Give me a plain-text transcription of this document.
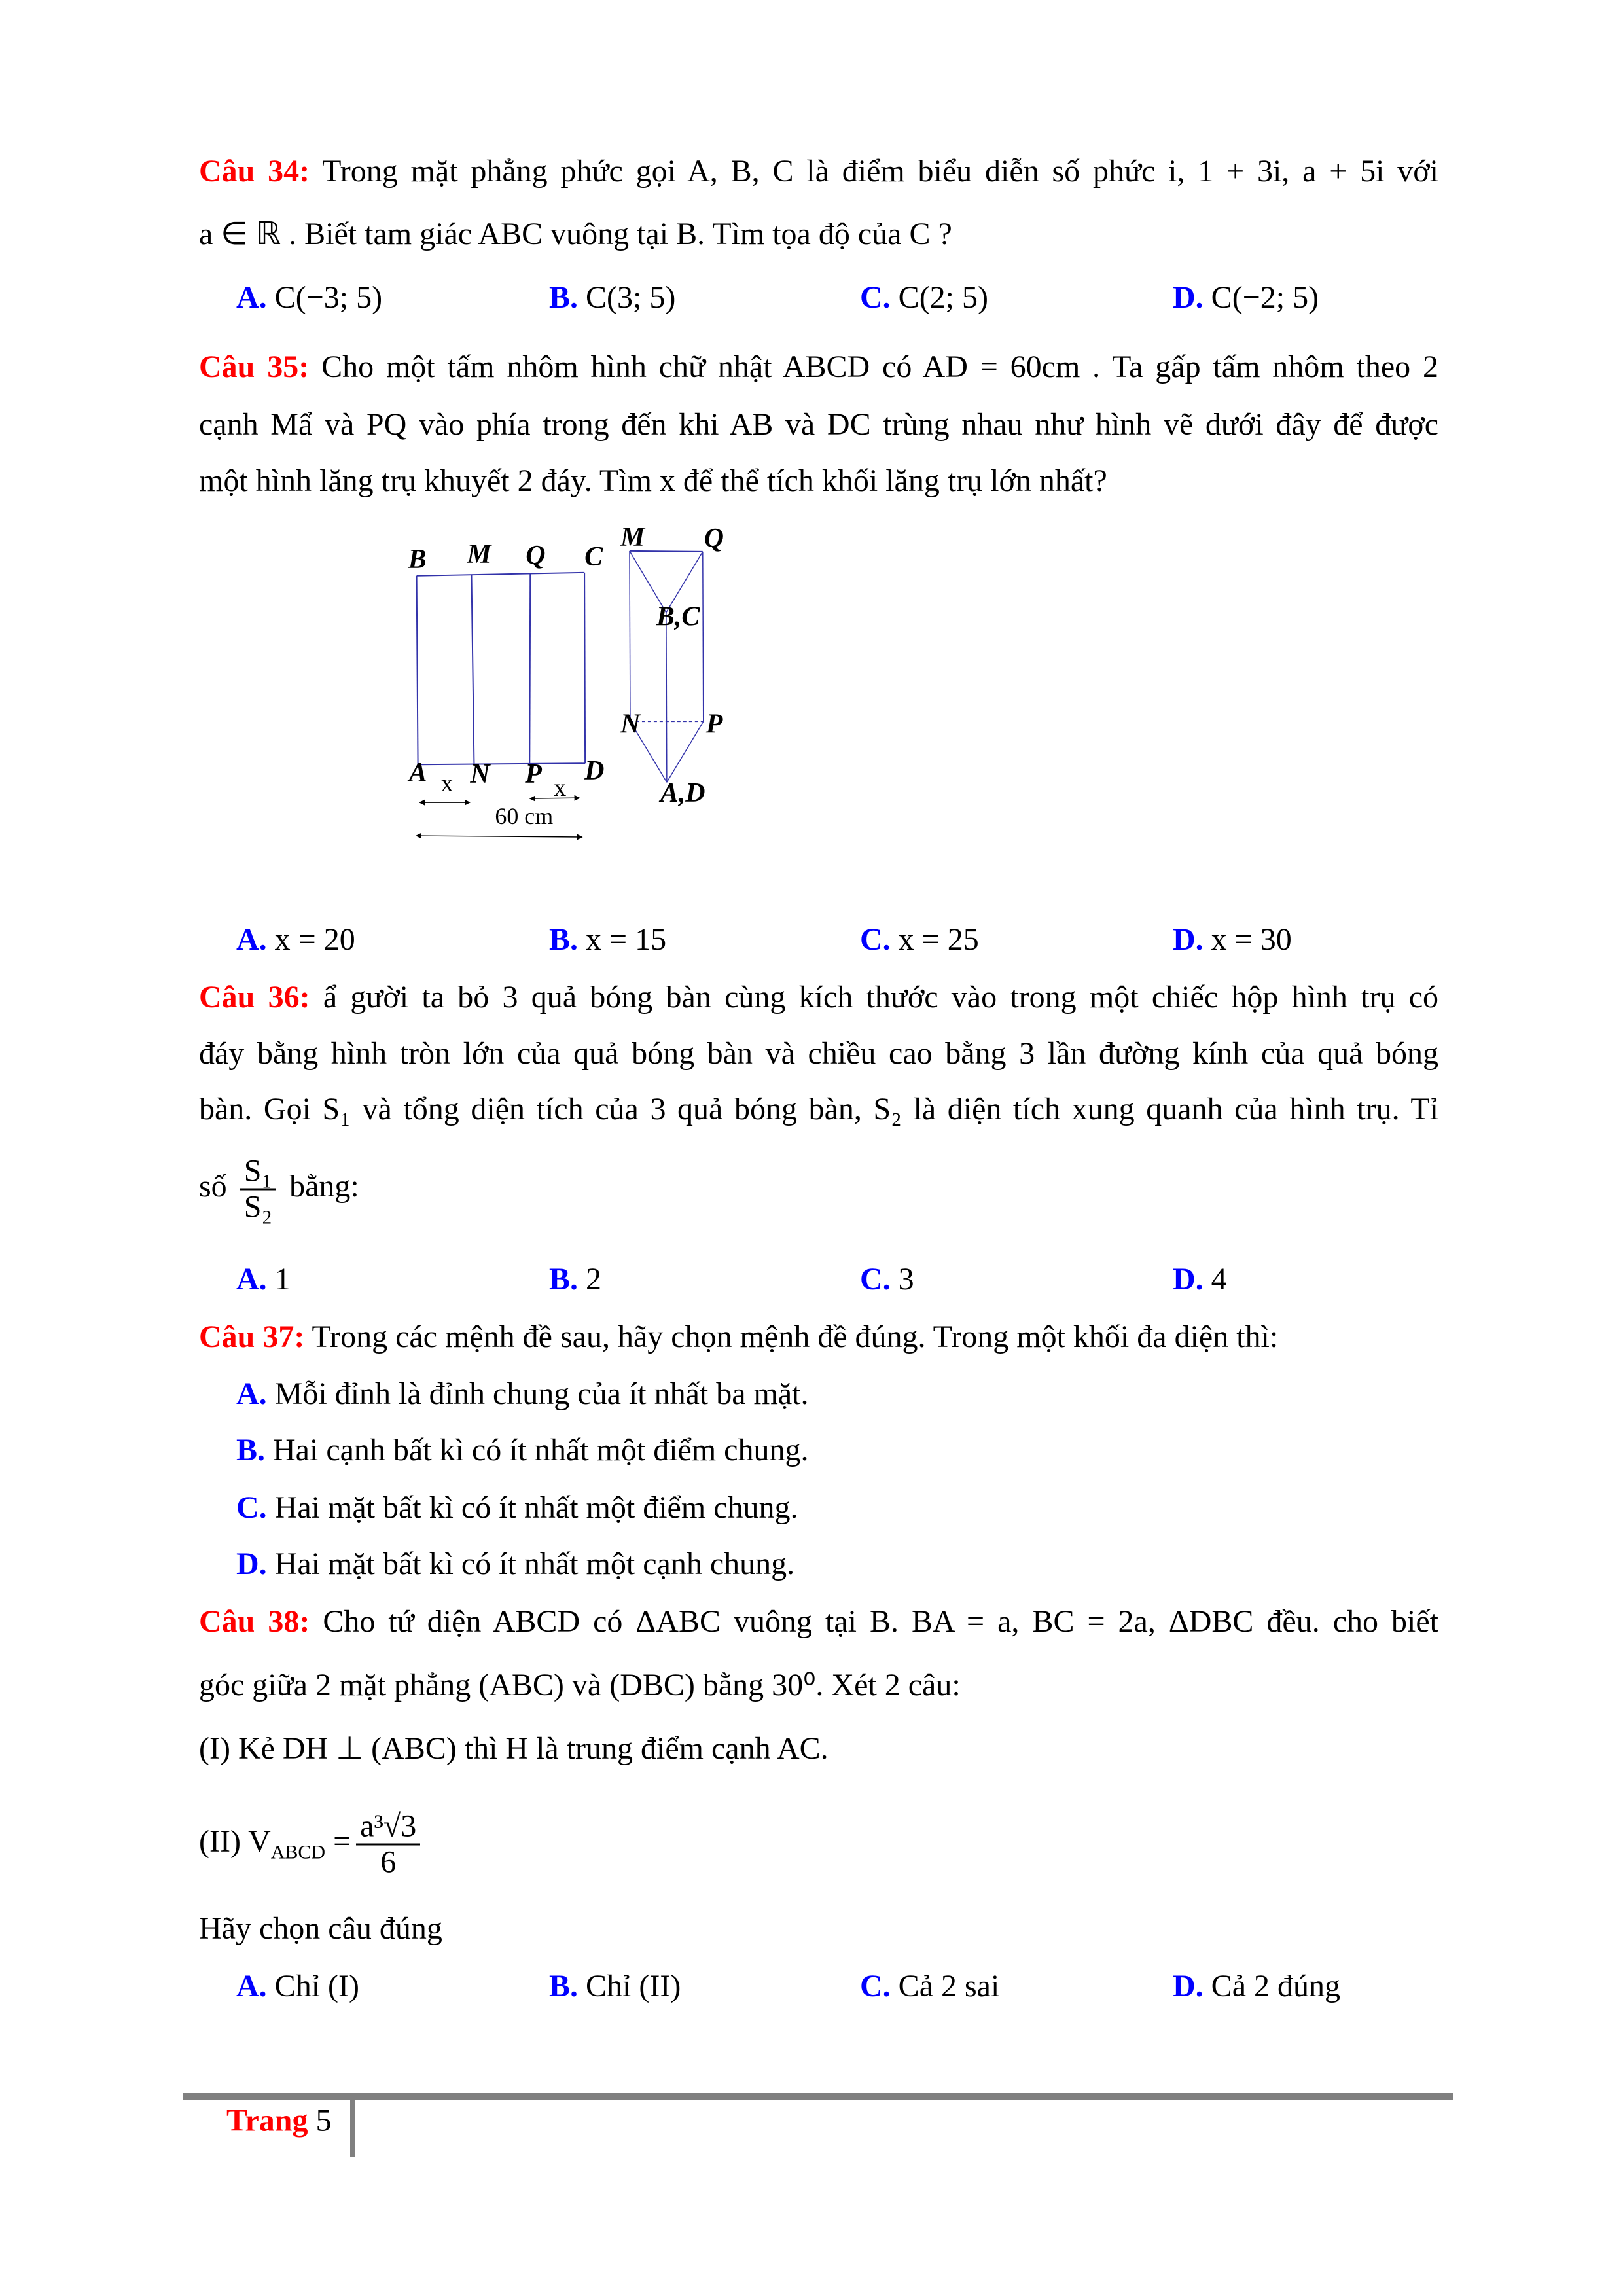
Câu 34: Trong mặt phẳng phức gọi A, B, C là điểm biểu diễn số phức i, 1 + 3i, a + 5i với
a ∈ ℝ . Biết tam giác ABC vuông tại B. Tìm tọa độ của C ?
A. C(−3; 5)	B. C(3; 5)	C. C(2; 5)	D. C(−2; 5)
Câu 35: Cho một tấm nhôm hình chữ nhật ABCD có AD = 60cm . Ta gấp tấm nhôm theo 2
cạnh Mẩ và PQ vào phía trong đến khi AB và DC trùng nhau như hình vẽ dưới đây để được
một hình lăng trụ khuyết 2 đáy. Tìm x để thể tích khối lăng trụ lớn nhất?
B M Q C
A N P D
x	x
60 cm
M Q
B,C
N P
A,D
A. x = 20	B. x = 15	C. x = 25	D. x = 30
Câu 36: ẩ gười ta bỏ 3 quả bóng bàn cùng kích thước vào trong một chiếc hộp hình trụ có
đáy bằng hình tròn lớn của quả bóng bàn và chiều cao bằng 3 lần đường kính của quả bóng
bàn. Gọi S₁ và tổng diện tích của 3 quả bóng bàn, S₂ là diện tích xung quanh của hình trụ. Tỉ
số $\frac{\text{S₁}}{\text{S₂}}$ bằng:
A. 1	B. 2	C. 3	D. 4
Câu 37: Trong các mệnh đề sau, hãy chọn mệnh đề đúng. Trong một khối đa diện thì:
A. Mỗi đỉnh là đỉnh chung của ít nhất ba mặt.
B. Hai cạnh bất kì có ít nhất một điểm chung.
C. Hai mặt bất kì có ít nhất một điểm chung.
D. Hai mặt bất kì có ít nhất một cạnh chung.
Câu 38: Cho tứ diện ABCD có ΔABC vuông tại B. BA = a, BC = 2a, ΔDBC đều. cho biết
góc giữa 2 mặt phẳng (ABC) và (DBC) bằng 30⁰. Xét 2 câu:
(I) Kẻ DH ⊥ (ABC) thì H là trung điểm cạnh AC.
(II) $V_{ABCD} = \frac{\text{a³√3}}{6}$
Hãy chọn câu đúng
A. Chỉ (I)	B. Chỉ (II)	C. Cả 2 sai	D. Cả 2 đúng
Trang 5
